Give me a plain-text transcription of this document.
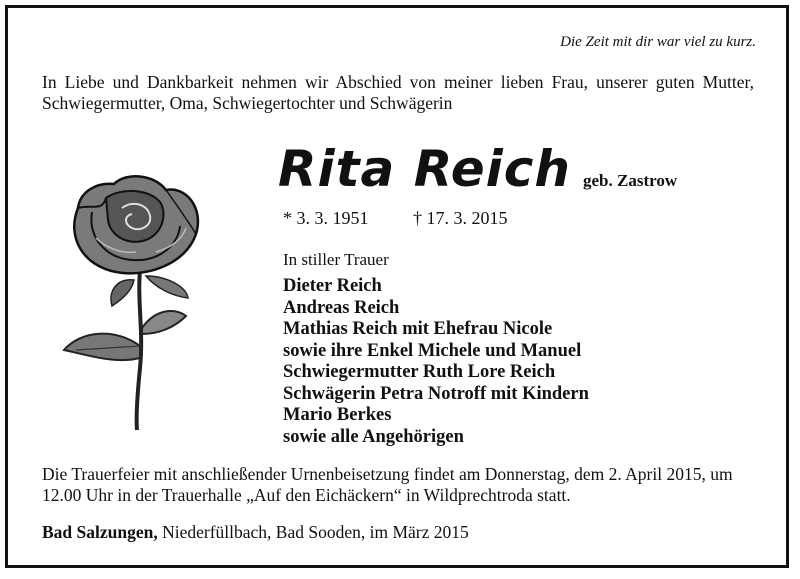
Die Zeit mit dir war viel zu kurz.
In Liebe und Dankbarkeit nehmen wir Abschied von meiner lieben Frau, unserer guten Mutter, Schwiegermutter, Oma, Schwiegertochter und Schwägerin
Rita Reich geb. Zastrow
* 3. 3. 1951 † 17. 3. 2015
In stiller Trauer
Dieter Reich
Andreas Reich
Mathias Reich mit Ehefrau Nicole
sowie ihre Enkel Michele und Manuel
Schwiegermutter Ruth Lore Reich
Schwägerin Petra Notroff mit Kindern
Mario Berkes
sowie alle Angehörigen
Die Trauerfeier mit anschließender Urnenbeisetzung findet am Donnerstag, dem 2. April 2015, um 12.00 Uhr in der Trauerhalle „Auf den Eichäckern“ in Wildprechtroda statt.
Bad Salzungen, Niederfüllbach, Bad Sooden, im März 2015
